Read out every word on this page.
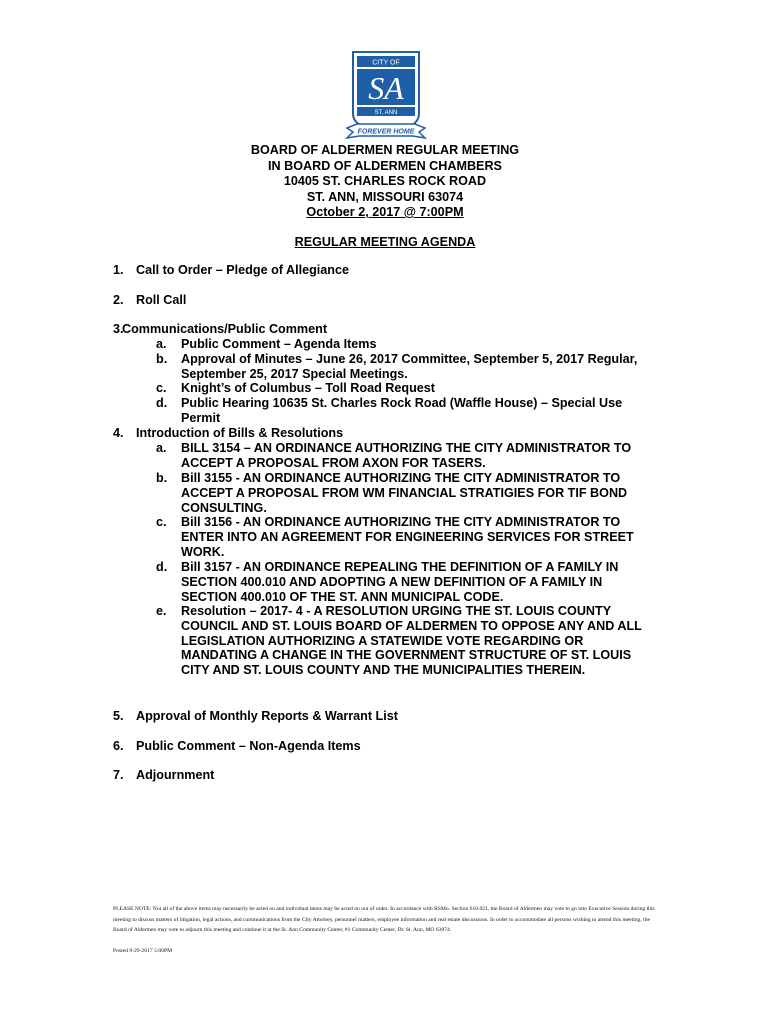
CITY OF
SA
ST. ANN
FOREVER HOME
BOARD OF ALDERMEN REGULAR MEETING
IN BOARD OF ALDERMEN CHAMBERS
10405 ST. CHARLES ROCK ROAD
ST. ANN, MISSOURI 63074
October 2, 2017 @ 7:00PM
REGULAR MEETING AGENDA
1. Call to Order – Pledge of Allegiance
2. Roll Call
3.Communications/Public Comment
a. Public Comment – Agenda Items
b. Approval of Minutes – June 26, 2017 Committee, September 5, 2017 Regular, September 25, 2017 Special Meetings.
c. Knight’s of Columbus – Toll Road Request
d. Public Hearing 10635 St. Charles Rock Road (Waffle House) – Special Use Permit
4. Introduction of Bills & Resolutions
a. BILL 3154 – AN ORDINANCE AUTHORIZING THE CITY ADMINISTRATOR TO ACCEPT A PROPOSAL FROM AXON FOR TASERS.
b. Bill 3155 - AN ORDINANCE AUTHORIZING THE CITY ADMINISTRATOR TO ACCEPT A PROPOSAL FROM WM FINANCIAL STRATIGIES FOR TIF BOND CONSULTING.
c. Bill 3156 - AN ORDINANCE AUTHORIZING THE CITY ADMINISTRATOR TO ENTER INTO AN AGREEMENT FOR ENGINEERING SERVICES FOR STREET WORK.
d. Bill 3157 - AN ORDINANCE REPEALING THE DEFINITION OF A FAMILY IN SECTION 400.010 AND ADOPTING A NEW DEFINITION OF A FAMILY IN SECTION 400.010 OF THE ST. ANN MUNICIPAL CODE.
e. Resolution – 2017- 4 - A RESOLUTION URGING THE ST. LOUIS COUNTY COUNCIL AND ST. LOUIS BOARD OF ALDERMEN TO OPPOSE ANY AND ALL LEGISLATION AUTHORIZING A STATEWIDE VOTE REGARDING OR MANDATING A CHANGE IN THE GOVERNMENT STRUCTURE OF ST. LOUIS CITY AND ST. LOUIS COUNTY AND THE MUNICIPALITIES THEREIN.
5. Approval of Monthly Reports & Warrant List
6. Public Comment – Non-Agenda Items
7. Adjournment
PLEASE NOTE: Not all of the above items may necessarily be acted on and individual items may be acted on out of order. In accordance with RSMo. Section 610.021, the Board of Aldermen may vote to go into Executive Session during this meeting to discuss matters of litigation, legal actions, and communications from the City Attorney, personnel matters, employee information and real estate discussions. In order to accommodate all persons wishing to attend this meeting, the Board of Aldermen may vote to adjourn this meeting and continue it at the St. Ann Community Center, #1 Community Center, Dr. St. Ann, MO 63074.
Posted 9-29-2017 5:00PM
